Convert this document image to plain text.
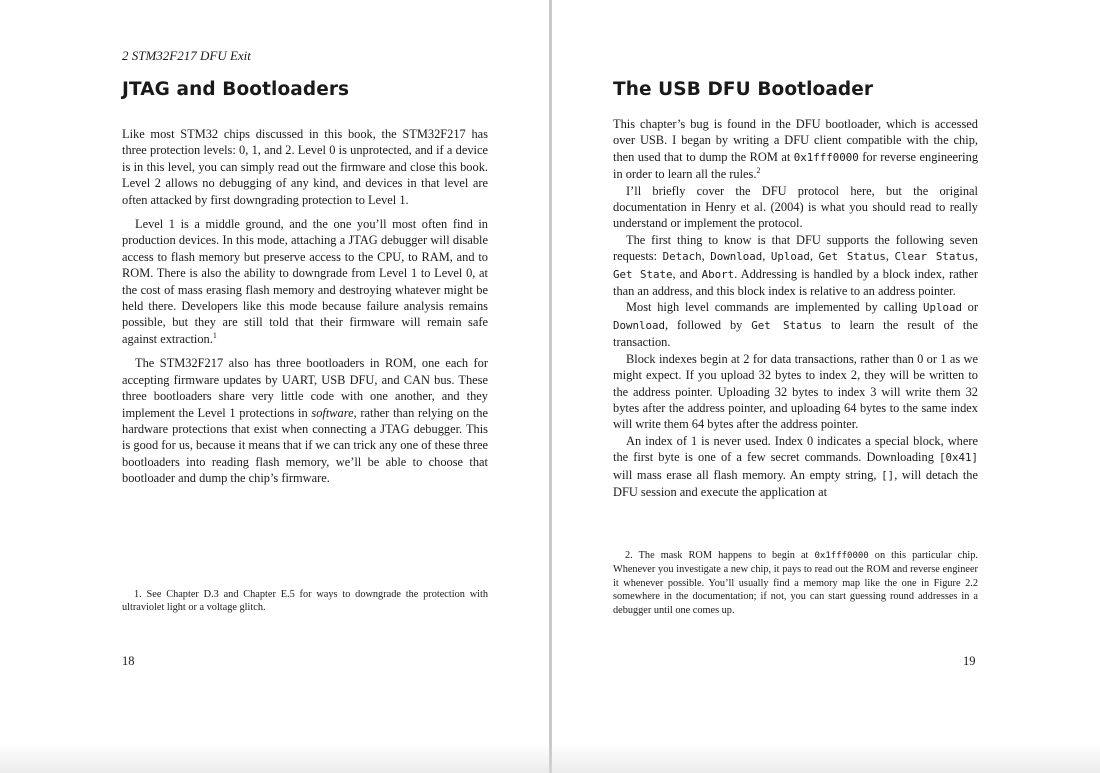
2 STM32F217 DFU Exit
JTAG and Bootloaders

Like most STM32 chips discussed in this book, the STM32F217 has three protection levels: 0, 1, and 2. Level 0 is unprotected, and if a device is in this level, you can simply read out the firmware and close this book. Level 2 allows no debugging of any kind, and devices in that level are often attacked by first downgrading protection to Level 1.

Level 1 is a middle ground, and the one you’ll most often find in production devices. In this mode, attaching a JTAG debugger will disable access to flash memory but preserve access to the CPU, to RAM, and to ROM. There is also the ability to downgrade from Level 1 to Level 0, at the cost of mass erasing flash memory and destroying whatever might be held there. Developers like this mode because failure analysis remains possible, but they are still told that their firmware will remain safe against extraction.$^1$

The STM32F217 also has three bootloaders in ROM, one each for accepting firmware updates by UART, USB DFU, and CAN bus. These three bootloaders share very little code with one another, and they implement the Level 1 protections in software, rather than relying on the hardware protections that exist when connecting a JTAG debugger. This is good for us, because it means that if we can trick any one of these three bootloaders into reading flash memory, we’ll be able to choose that bootloader and dump the chip’s firmware.

1. See Chapter D.3 and Chapter E.5 for ways to downgrade the protection with ultraviolet light or a voltage glitch.

18
The USB DFU Bootloader

This chapter’s bug is found in the DFU bootloader, which is accessed over USB. I began by writing a DFU client compatible with the chip, then used that to dump the ROM at 0x1fff0000 for reverse engineering in order to learn all the rules.$^2$

I’ll briefly cover the DFU protocol here, but the original documentation in Henry et al. (2004) is what you should read to really understand or implement the protocol.

The first thing to know is that DFU supports the following seven requests: Detach, Download, Upload, Get Status, Clear Status, Get State, and Abort. Addressing is handled by a block index, rather than an address, and this block index is relative to an address pointer.

Most high level commands are implemented by calling Upload or Download, followed by Get Status to learn the result of the transaction.

Block indexes begin at 2 for data transactions, rather than 0 or 1 as we might expect. If you upload 32 bytes to index 2, they will be written to the address pointer. Uploading 32 bytes to index 3 will write them 32 bytes after the address pointer, and uploading 64 bytes to the same index will write them 64 bytes after the address pointer.

An index of 1 is never used. Index 0 indicates a special block, where the first byte is one of a few secret commands. Downloading [0x41] will mass erase all flash memory. An empty string, [], will detach the DFU session and execute the application at

2. The mask ROM happens to begin at 0x1fff0000 on this particular chip. Whenever you investigate a new chip, it pays to read out the ROM and reverse engineer it whenever possible. You’ll usually find a memory map like the one in Figure 2.2 somewhere in the documentation; if not, you can start guessing round addresses in a debugger until one comes up.

19
